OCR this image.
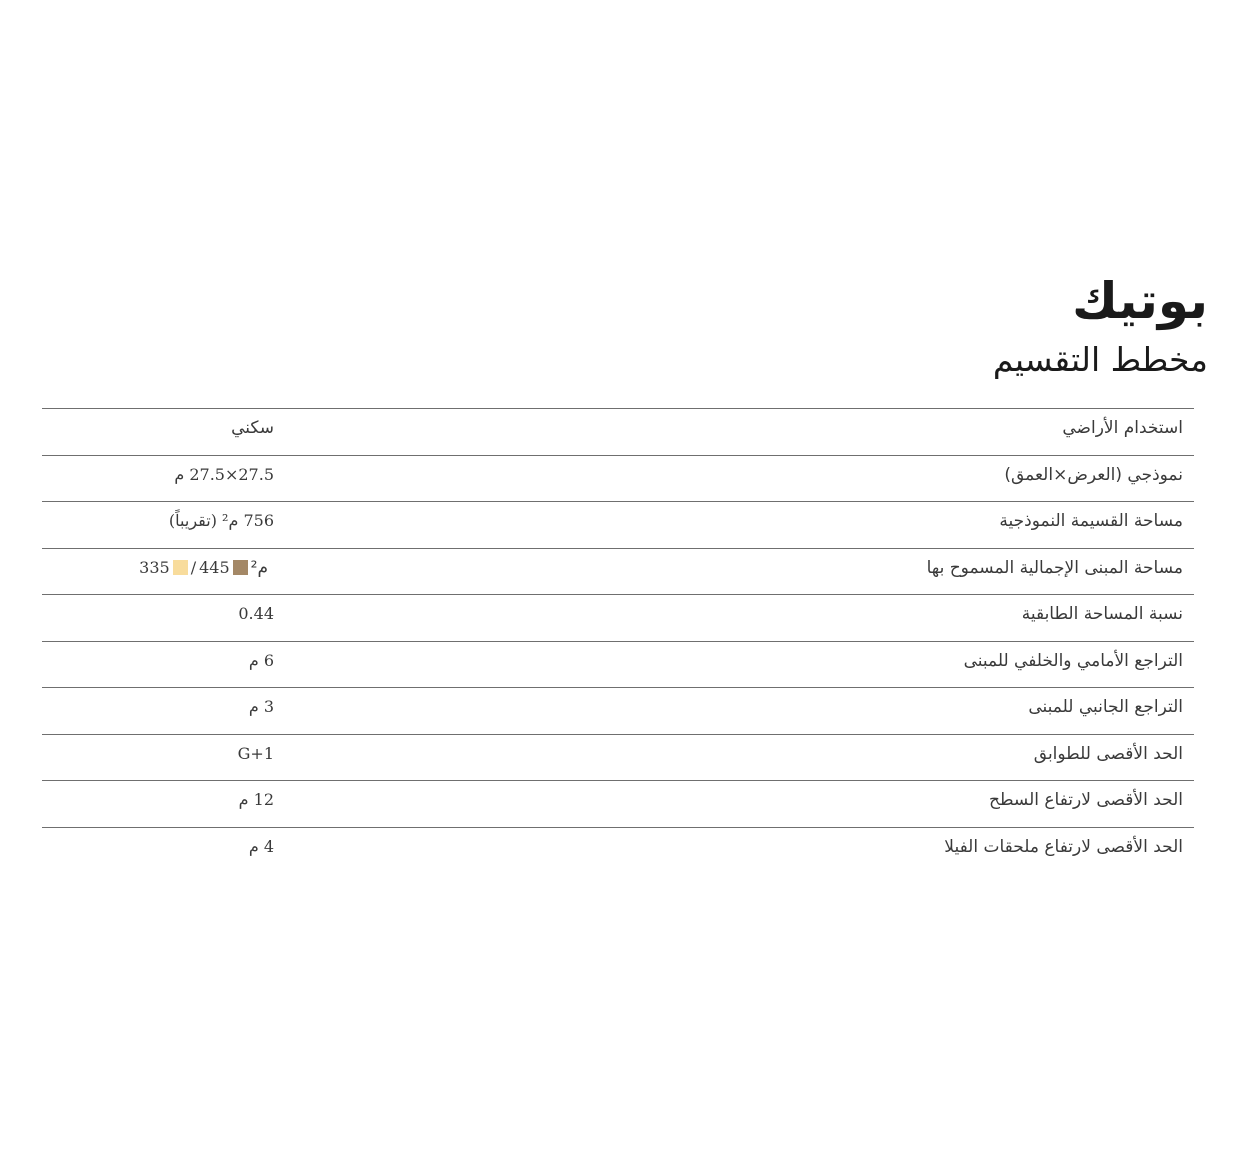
بوتيك
مخطط التقسيم
استخدام الأراضي
سكني
نموذجي (العرض×العمق)
27.5×27.5 م
مساحة القسيمة النموذجية
756 م² (تقريباً)
مساحة المبنى الإجمالية المسموح بها
335 / 445 م²
نسبة المساحة الطابقية
0.44
التراجع الأمامي والخلفي للمبنى
6 م
التراجع الجانبي للمبنى
3 م
الحد الأقصى للطوابق
G+1
الحد الأقصى لارتفاع السطح
12 م
الحد الأقصى لارتفاع ملحقات الفيلا
4 م
